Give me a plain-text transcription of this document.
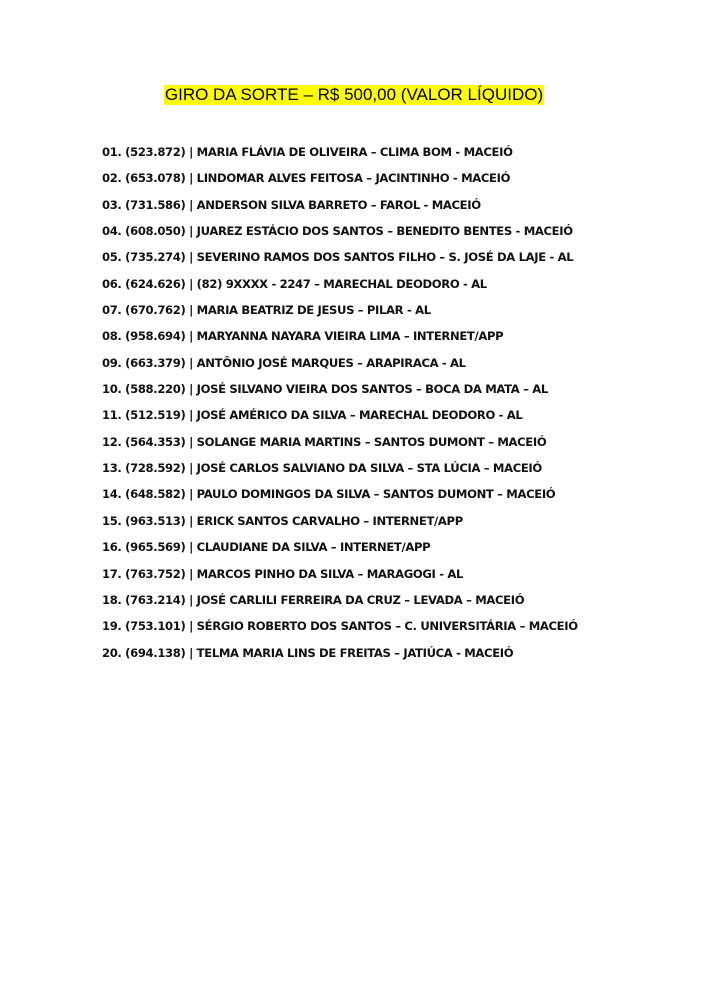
GIRO DA SORTE – R$ 500,00 (VALOR LÍQUIDO)
01. (523.872) | MARIA FLÁVIA DE OLIVEIRA – CLIMA BOM - MACEIÓ
02. (653.078) | LINDOMAR ALVES FEITOSA – JACINTINHO - MACEIÓ
03. (731.586) | ANDERSON SILVA BARRETO – FAROL - MACEIÓ
04. (608.050) | JUAREZ ESTÁCIO DOS SANTOS – BENEDITO BENTES - MACEIÓ
05. (735.274) | SEVERINO RAMOS DOS SANTOS FILHO – S. JOSÉ DA LAJE - AL
06. (624.626) | (82) 9XXXX - 2247 – MARECHAL DEODORO - AL
07. (670.762) | MARIA BEATRIZ DE JESUS – PILAR - AL
08. (958.694) | MARYANNA NAYARA VIEIRA LIMA – INTERNET/APP
09. (663.379) | ANTÔNIO JOSÉ MARQUES – ARAPIRACA - AL
10. (588.220) | JOSÉ SILVANO VIEIRA DOS SANTOS – BOCA DA MATA – AL
11. (512.519) | JOSÉ AMÉRICO DA SILVA – MARECHAL DEODORO - AL
12. (564.353) | SOLANGE MARIA MARTINS – SANTOS DUMONT – MACEIÓ
13. (728.592) | JOSÉ CARLOS SALVIANO DA SILVA – STA LÚCIA – MACEIÓ
14. (648.582) | PAULO DOMINGOS DA SILVA – SANTOS DUMONT – MACEIÓ
15. (963.513) | ERICK SANTOS CARVALHO – INTERNET/APP
16. (965.569) | CLAUDIANE DA SILVA – INTERNET/APP
17. (763.752) | MARCOS PINHO DA SILVA – MARAGOGI - AL
18. (763.214) | JOSÉ CARLILI FERREIRA DA CRUZ – LEVADA – MACEIÓ
19. (753.101) | SÉRGIO ROBERTO DOS SANTOS – C. UNIVERSITÁRIA – MACEIÓ
20. (694.138) | TELMA MARIA LINS DE FREITAS – JATIÚCA - MACEIÓ
